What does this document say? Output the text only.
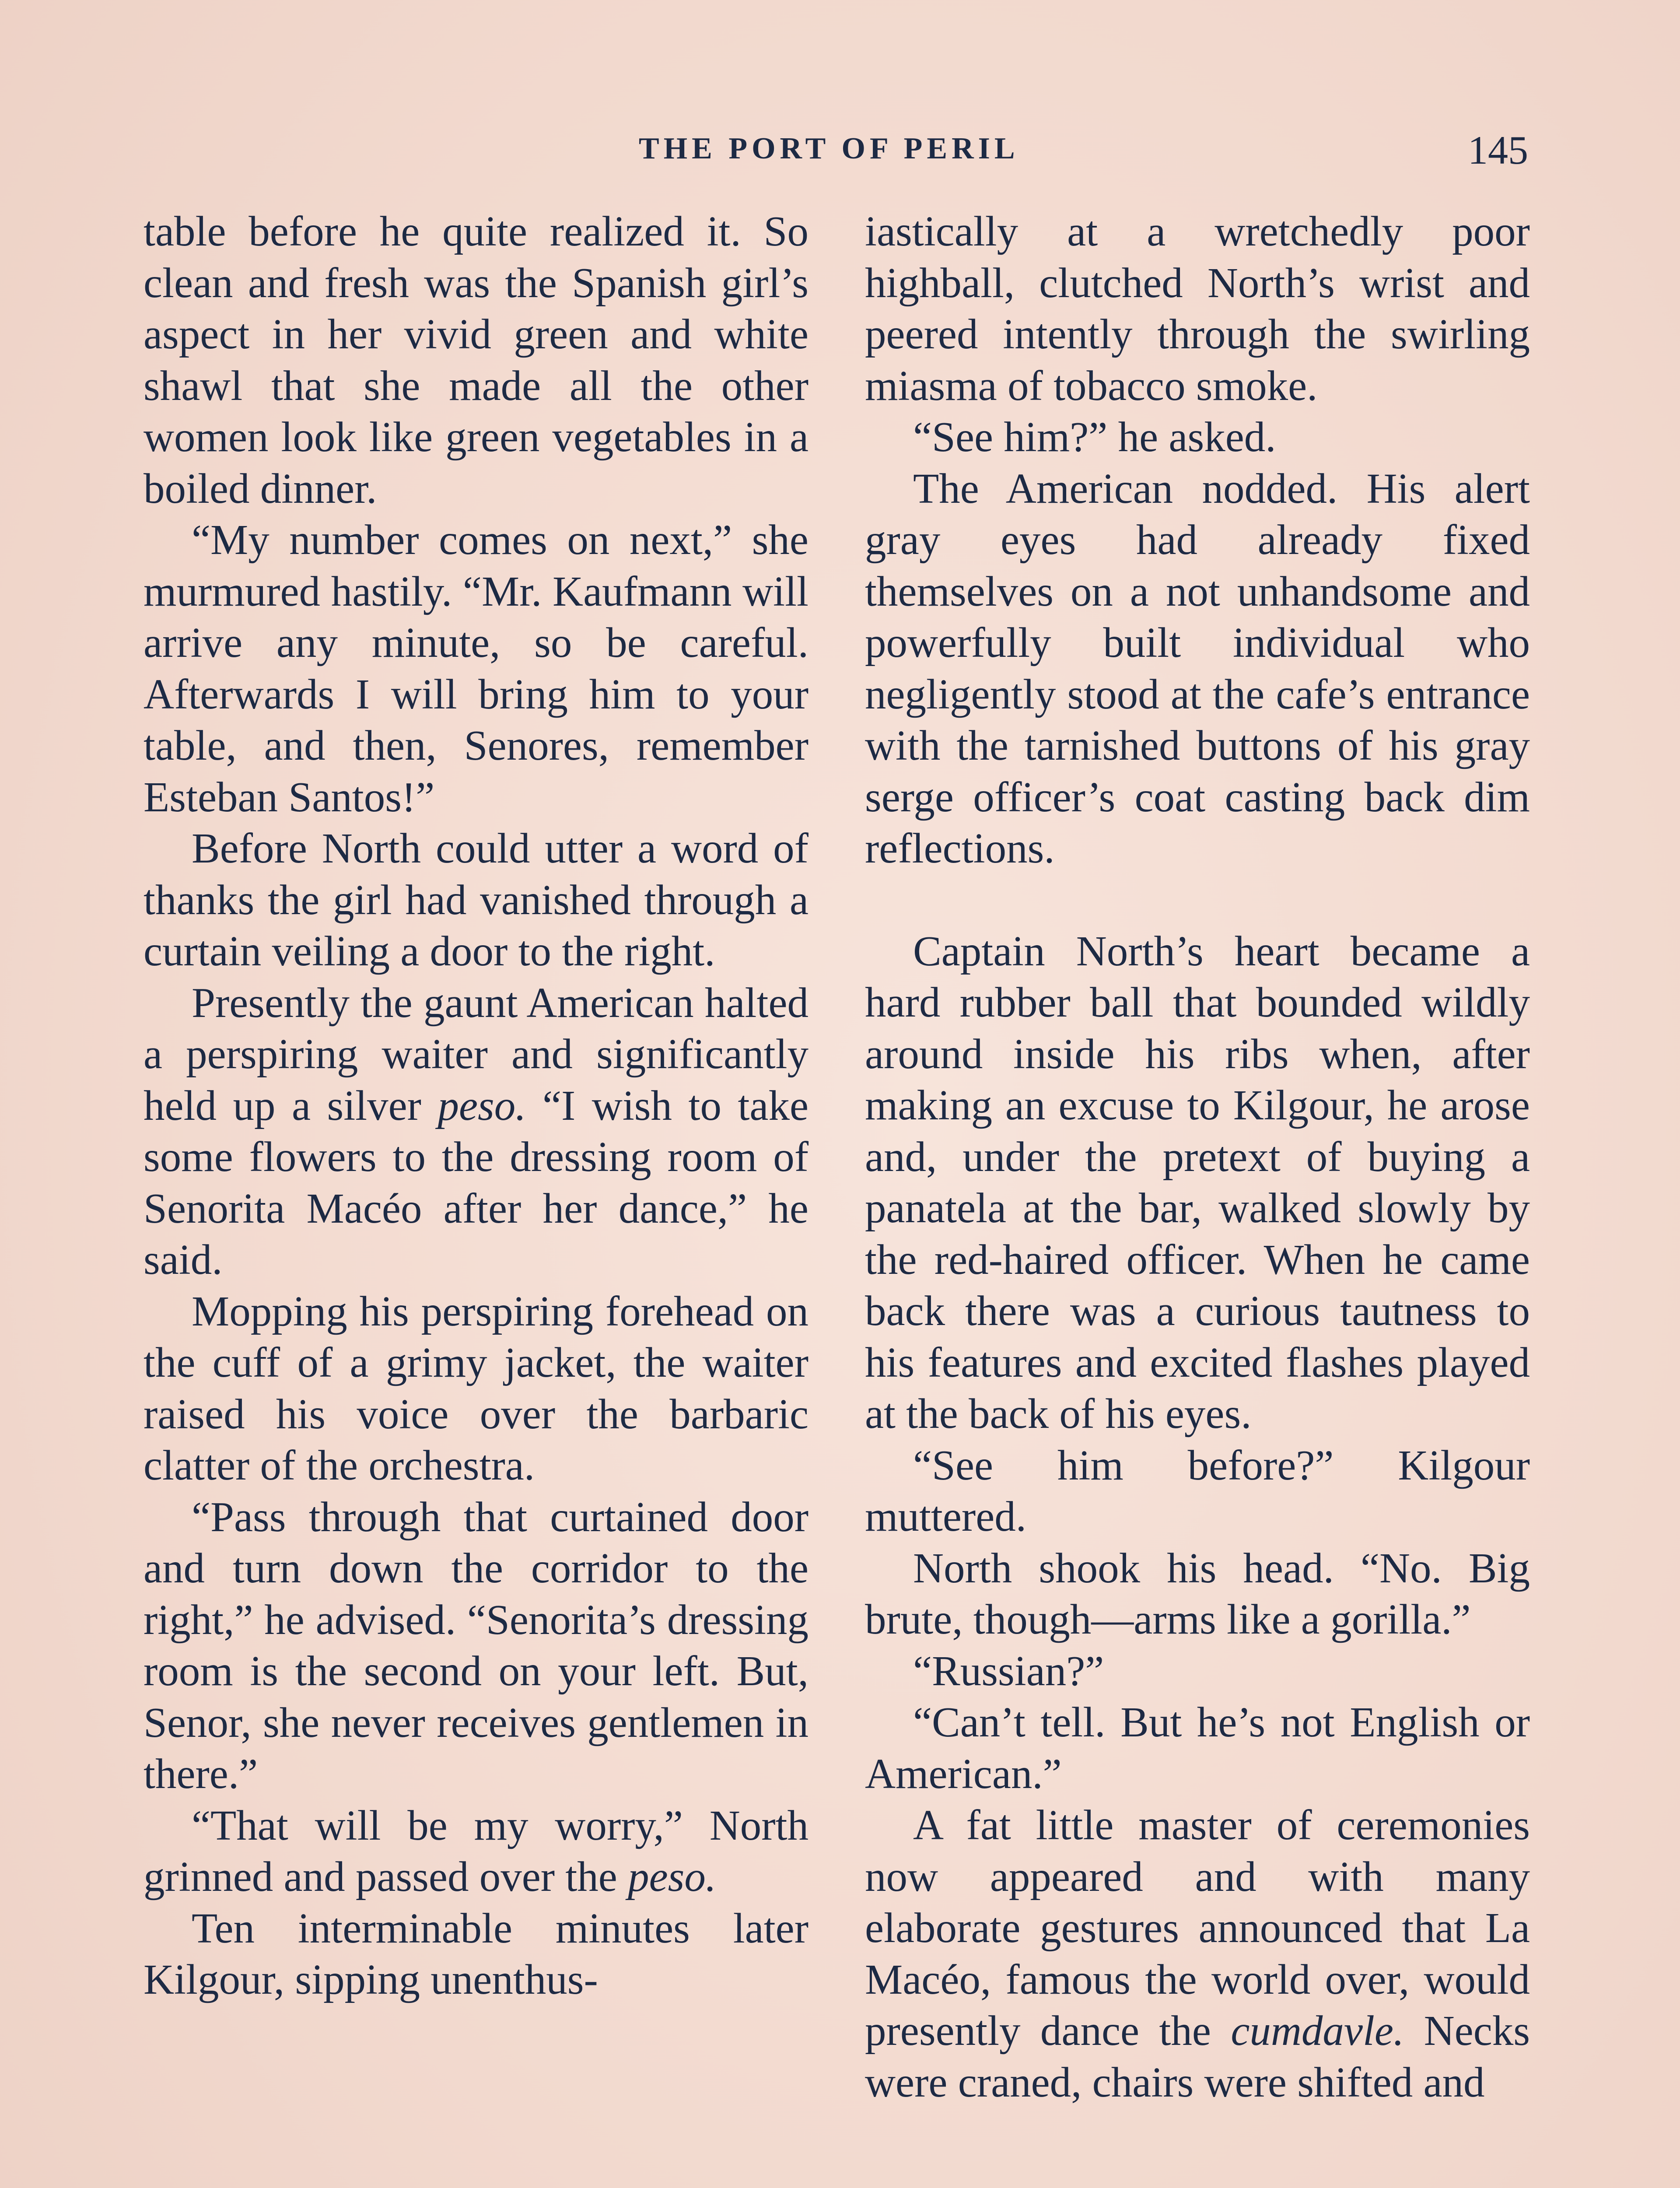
THE PORT OF PERIL	145

table before he quite realized it. So clean and fresh was the Spanish girl’s aspect in her vivid green and white shawl that she made all the other women look like green vegetables in a boiled dinner.

“My number comes on next,” she murmured hastily. “Mr. Kaufmann will arrive any minute, so be careful. Afterwards I will bring him to your table, and then, Senores, remember Esteban Santos!”

Before North could utter a word of thanks the girl had vanished through a curtain veiling a door to the right.

Presently the gaunt American halted a perspiring waiter and significantly held up a silver peso. “I wish to take some flowers to the dressing room of Senorita Macéo after her dance,” he said.

Mopping his perspiring forehead on the cuff of a grimy jacket, the waiter raised his voice over the barbaric clatter of the orchestra.

“Pass through that curtained door and turn down the corridor to the right,” he advised. “Senorita’s dressing room is the second on your left. But, Senor, she never receives gentlemen in there.”

“That will be my worry,” North grinned and passed over the peso.

Ten interminable minutes later Kilgour, sipping unenthus-

iastically at a wretchedly poor highball, clutched North’s wrist and peered intently through the swirling miasma of tobacco smoke.

“See him?” he asked.

The American nodded. His alert gray eyes had already fixed themselves on a not unhandsome and powerfully built individual who negligently stood at the cafe’s entrance with the tarnished buttons of his gray serge officer’s coat casting back dim reflections.

Captain North’s heart became a hard rubber ball that bounded wildly around inside his ribs when, after making an excuse to Kilgour, he arose and, under the pretext of buying a panatela at the bar, walked slowly by the red-haired officer. When he came back there was a curious tautness to his features and excited flashes played at the back of his eyes.

“See him before?” Kilgour muttered.

North shook his head. “No. Big brute, though—arms like a gorilla.”

“Russian?”

“Can’t tell. But he’s not English or American.”

A fat little master of ceremonies now appeared and with many elaborate gestures announced that La Macéo, famous the world over, would presently dance the cumdavle. Necks were craned, chairs were shifted and
